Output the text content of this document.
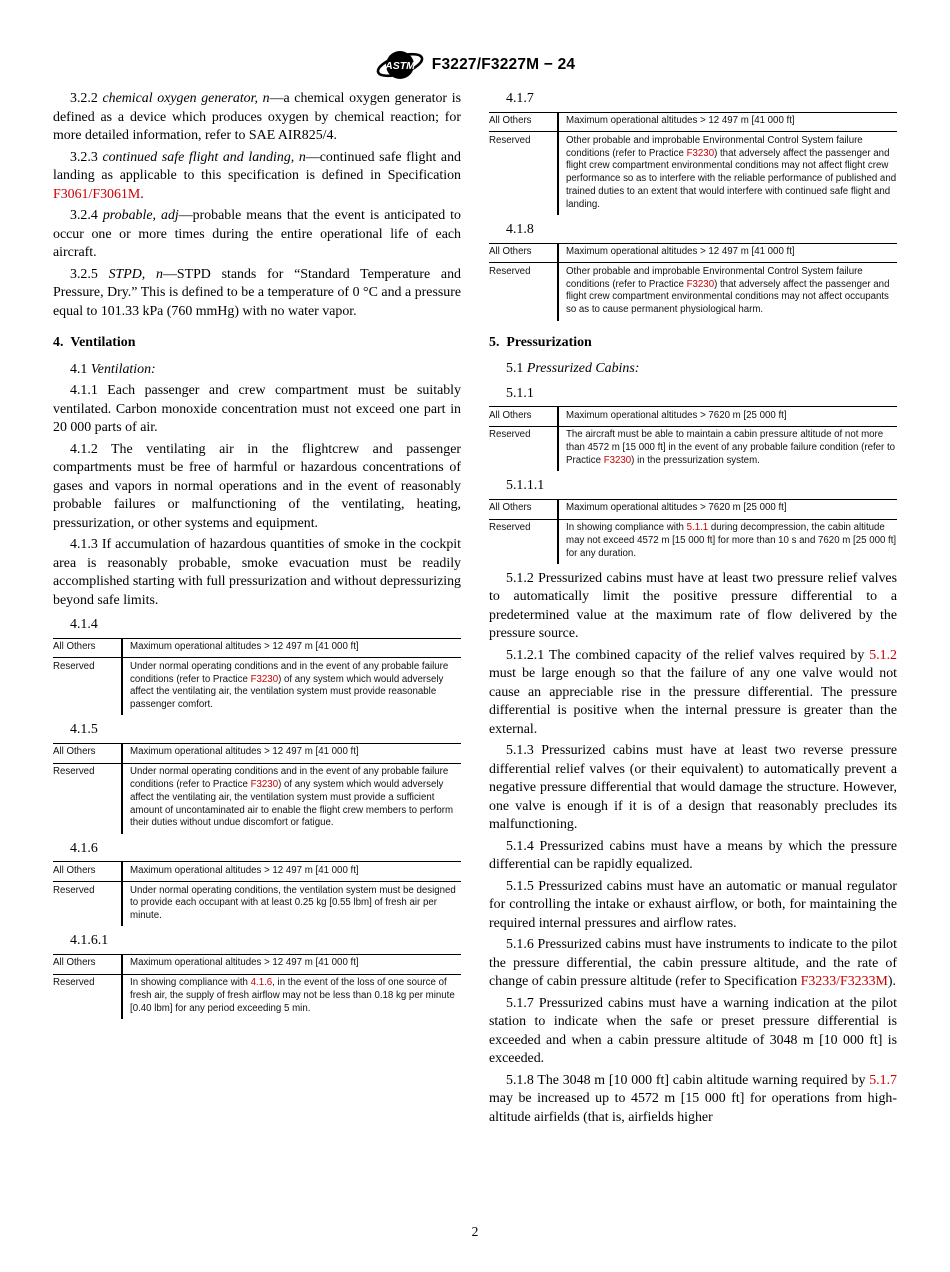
ASTM F3227/F3227M − 24

3.2.2 chemical oxygen generator, n—a chemical oxygen generator is defined as a device which produces oxygen by chemical reaction; for more detailed information, refer to SAE AIR825/4.

3.2.3 continued safe flight and landing, n—continued safe flight and landing as applicable to this specification is defined in Specification F3061/F3061M.

3.2.4 probable, adj—probable means that the event is anticipated to occur one or more times during the entire operational life of each aircraft.

3.2.5 STPD, n—STPD stands for “Standard Temperature and Pressure, Dry.” This is defined to be a temperature of 0 °C and a pressure equal to 101.33 kPa (760 mmHg) with no water vapor.

4. Ventilation

4.1 Ventilation:

4.1.1 Each passenger and crew compartment must be suitably ventilated. Carbon monoxide concentration must not exceed one part in 20 000 parts of air.

4.1.2 The ventilating air in the flightcrew and passenger compartments must be free of harmful or hazardous concentrations of gases and vapors in normal operations and in the event of reasonably probable failures or malfunctioning of the ventilating, heating, pressurization, or other systems and equipment.

4.1.3 If accumulation of hazardous quantities of smoke in the cockpit area is reasonably probable, smoke evacuation must be readily accomplished starting with full pressurization and without depressurizing beyond safe limits.

4.1.4
All Others	Maximum operational altitudes > 12 497 m [41 000 ft]
Reserved	Under normal operating conditions and in the event of any probable failure conditions (refer to Practice F3230) of any system which would adversely affect the ventilating air, the ventilation system must provide reasonable passenger comfort.
4.1.5
All Others	Maximum operational altitudes > 12 497 m [41 000 ft]
Reserved	Under normal operating conditions and in the event of any probable failure conditions (refer to Practice F3230) of any system which would adversely affect the ventilating air, the ventilation system must provide a sufficient amount of uncontaminated air to enable the flight crew members to perform their duties without undue discomfort or fatigue.
4.1.6
All Others	Maximum operational altitudes > 12 497 m [41 000 ft]
Reserved	Under normal operating conditions, the ventilation system must be designed to provide each occupant with at least 0.25 kg [0.55 lbm] of fresh air per minute.
4.1.6.1
All Others	Maximum operational altitudes > 12 497 m [41 000 ft]
Reserved	In showing compliance with 4.1.6, in the event of the loss of one source of fresh air, the supply of fresh airflow may not be less than 0.18 kg per minute [0.40 lbm] for any period exceeding 5 min.
4.1.7
All Others	Maximum operational altitudes > 12 497 m [41 000 ft]
Reserved	Other probable and improbable Environmental Control System failure conditions (refer to Practice F3230) that adversely affect the passenger and flight crew compartment environmental conditions may not affect flight crew performance so as to interfere with the reliable performance of published and trained duties to an extent that would interfere with continued safe flight and landing.
4.1.8
All Others	Maximum operational altitudes > 12 497 m [41 000 ft]
Reserved	Other probable and improbable Environmental Control System failure conditions (refer to Practice F3230) that adversely affect the passenger and flight crew compartment environmental conditions may not affect occupants so as to cause permanent physiological harm.
5. Pressurization

5.1 Pressurized Cabins:

5.1.1
All Others	Maximum operational altitudes > 7620 m [25 000 ft]
Reserved	The aircraft must be able to maintain a cabin pressure altitude of not more than 4572 m [15 000 ft] in the event of any probable failure condition (refer to Practice F3230) in the pressurization system.
5.1.1.1
All Others	Maximum operational altitudes > 7620 m [25 000 ft]
Reserved	In showing compliance with 5.1.1 during decompression, the cabin altitude may not exceed 4572 m [15 000 ft] for more than 10 s and 7620 m [25 000 ft] for any duration.

5.1.2 Pressurized cabins must have at least two pressure relief valves to automatically limit the positive pressure differential to a predetermined value at the maximum rate of flow delivered by the pressure source.

5.1.2.1 The combined capacity of the relief valves required by 5.1.2 must be large enough so that the failure of any one valve would not cause an appreciable rise in the pressure differential. The pressure differential is positive when the internal pressure is greater than the external.

5.1.3 Pressurized cabins must have at least two reverse pressure differential relief valves (or their equivalent) to automatically prevent a negative pressure differential that would damage the structure. However, one valve is enough if it is of a design that reasonably precludes its malfunctioning.

5.1.4 Pressurized cabins must have a means by which the pressure differential can be rapidly equalized.

5.1.5 Pressurized cabins must have an automatic or manual regulator for controlling the intake or exhaust airflow, or both, for maintaining the required internal pressures and airflow rates.

5.1.6 Pressurized cabins must have instruments to indicate to the pilot the pressure differential, the cabin pressure altitude, and the rate of change of cabin pressure altitude (refer to Specification F3233/F3233M).

5.1.7 Pressurized cabins must have a warning indication at the pilot station to indicate when the safe or preset pressure differential is exceeded and when a cabin pressure altitude of 3048 m [10 000 ft] is exceeded.

5.1.8 The 3048 m [10 000 ft] cabin altitude warning required by 5.1.7 may be increased up to 4572 m [15 000 ft] for operations from high-altitude airfields (that is, airfields higher

2
